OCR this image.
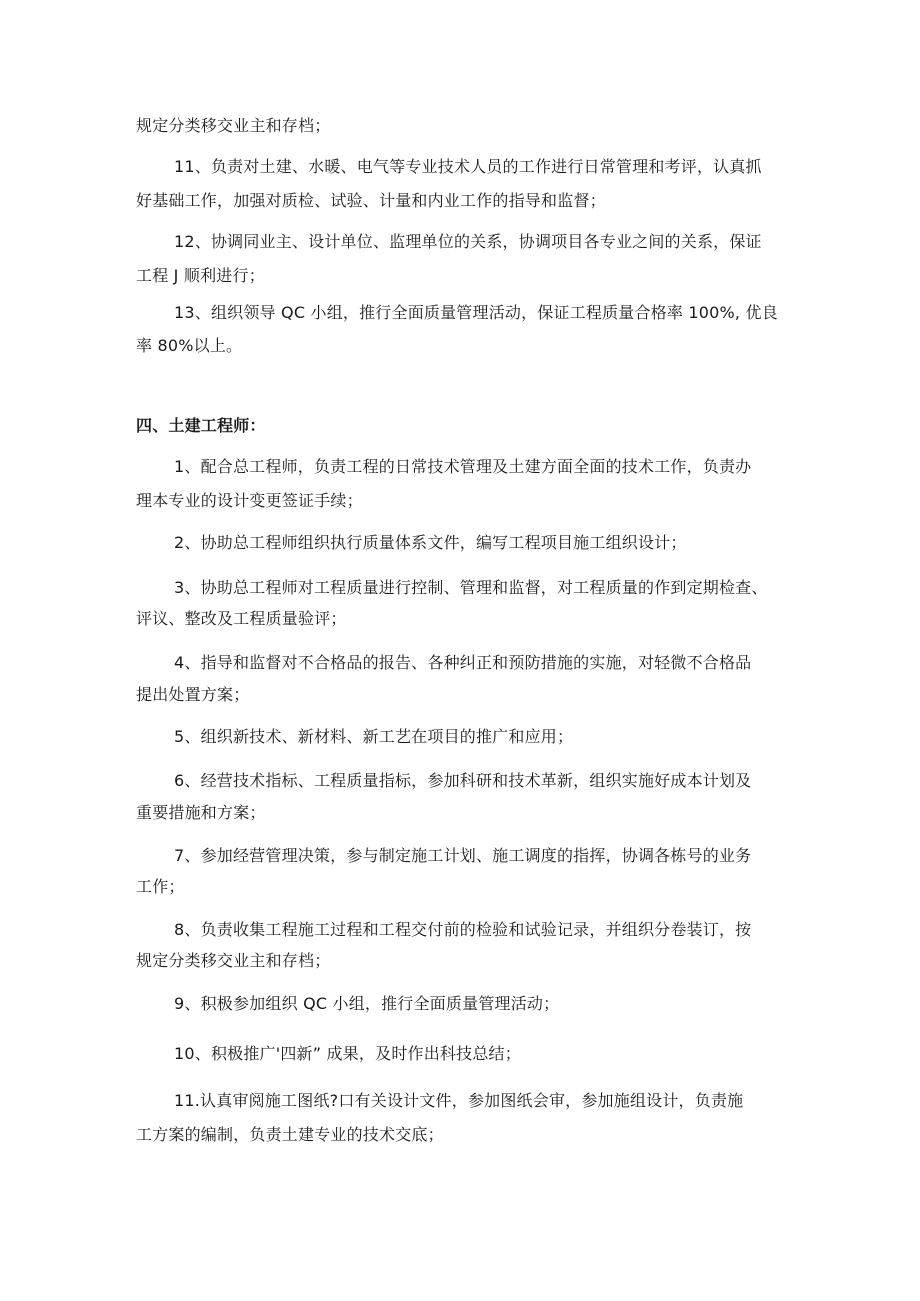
规定分类移交业主和存档；
11、负责对土建、水暖、电气等专业技术人员的工作进行日常管理和考评，认真抓
好基础工作，加强对质检、试验、计量和内业工作的指导和监督；
12、协调同业主、设计单位、监理单位的关系，协调项目各专业之间的关系，保证
工程 J 顺利进行；
13、组织领导 QC 小组，推行全面质量管理活动，保证工程质量合格率 100%, 优良
率 80%以上。
四、土建工程师：
1、配合总工程师，负责工程的日常技术管理及土建方面全面的技术工作，负责办
理本专业的设计变更签证手续；
2、协助总工程师组织执行质量体系文件，编写工程项目施工组织设计；
3、协助总工程师对工程质量进行控制、管理和监督，对工程质量的作到定期检查、
评议、整改及工程质量验评；
4、指导和监督对不合格品的报告、各种纠正和预防措施的实施，对轻微不合格品
提出处置方案；
5、组织新技术、新材料、新工艺在项目的推广和应用；
6、经营技术指标、工程质量指标，参加科研和技术革新，组织实施好成本计划及
重要措施和方案；
7、参加经营管理决策，参与制定施工计划、施工调度的指挥，协调各栋号的业务
工作；
8、负责收集工程施工过程和工程交付前的检验和试验记录，并组织分卷装订，按
规定分类移交业主和存档；
9、积极参加组织 QC 小组，推行全面质量管理活动；
10、积极推广'四新” 成果，及时作出科技总结；
11.认真审阅施工图纸?口有关设计文件，参加图纸会审，参加施组设计，负责施
工方案的编制，负责土建专业的技术交底；
